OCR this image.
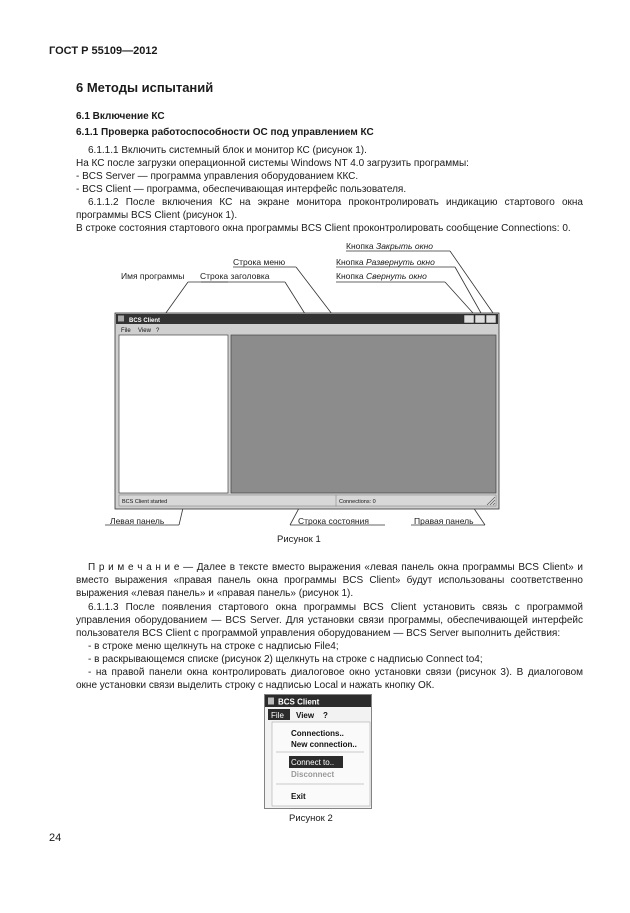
ГОСТ Р 55109—2012
6 Методы испытаний
6.1 Включение КС
6.1.1 Проверка работоспособности ОС под управлением КС

6.1.1.1 Включить системный блок и монитор КС (рисунок 1).

На КС после загрузки операционной системы Windows NT 4.0 загрузить программы:

- BCS Server — программа управления оборудованием ККС.

- BCS Client — программа, обеспечивающая интерфейс пользователя.

6.1.1.2 После включения КС на экране монитора проконтролировать индикацию стартового окна программы BCS Client (рисунок 1).

В строке состояния стартового окна программы BCS Client проконтролировать сообщение Connections: 0.

Кнопка Закрыть окно
Строка меню	Кнопка Развернуть окно
Имя программы Строка заголовка	Кнопка Свернуть окно
BCS Client
File View ?
BCS Client started	Connections: 0
Левая панель	Строка состояния	Правая панель
Рисунок 1

П р и м е ч а н и е — Далее в тексте вместо выражения «левая панель окна программы BCS Client» и вместо выражения «правая панель окна программы BCS Client» будут использованы соответственно выражения «левая панель» и «правая панель» (рисунок 1).

6.1.1.3 После появления стартового окна программы BCS Client установить связь с программой управления оборудованием — BCS Server. Для установки связи программы, обеспечивающей интерфейс пользователя BCS Client с программой управления оборудованием — BCS Server выполнить действия:

- в строке меню щелкнуть на строке с надписью File4;

- в раскрывающемся списке (рисунок 2) щелкнуть на строке с надписью Connect to4;

- на правой панели окна контролировать диалоговое окно установки связи (рисунок 3). В диалоговом окне установки связи выделить строку с надписью Local и нажать кнопку ОК.

BCS Client
File View ?
Connections..
New connection..
Connect to..
Disconnect
Exit
Рисунок 2
24
